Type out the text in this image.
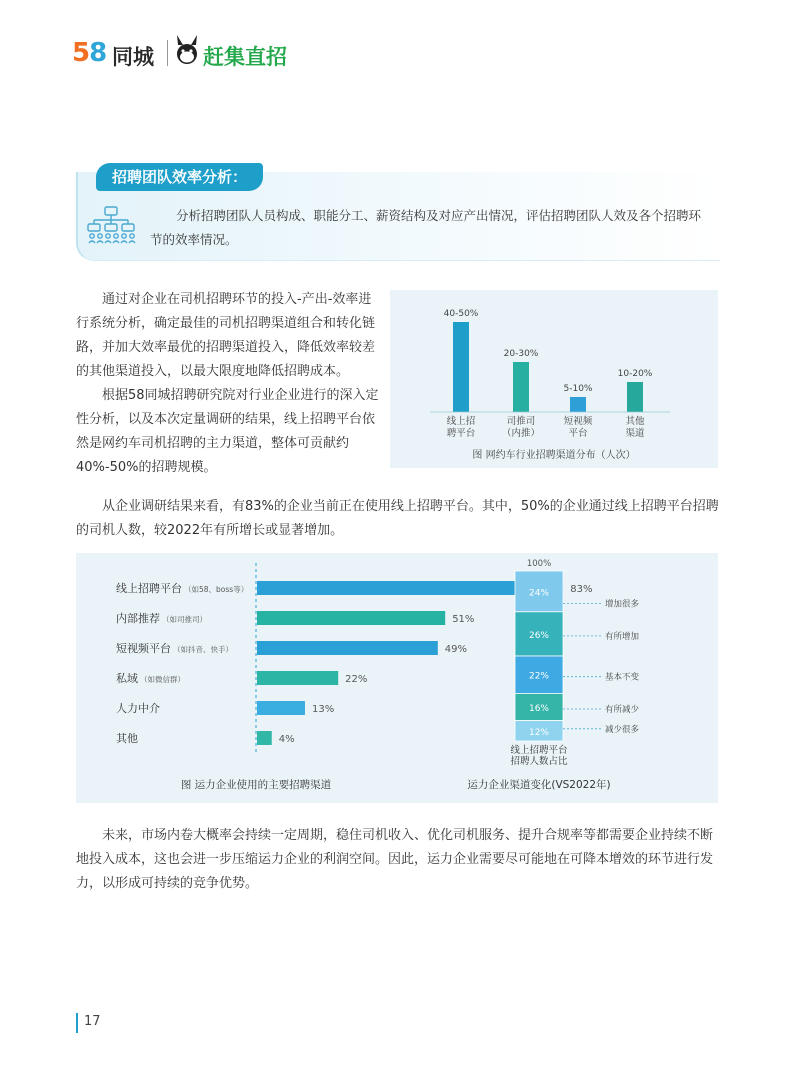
58 同城 赶集直招
招聘团队效率分析：
分析招聘团队人员构成、职能分工、薪资结构及对应产出情况，评估招聘团队人效及各个招聘环节的效率情况。
通过对企业在司机招聘环节的投入-产出-效率进行系统分析，确定最佳的司机招聘渠道组合和转化链路，并加大效率最优的招聘渠道投入，降低效率较差的其他渠道投入，以最大限度地降低招聘成本。
根据58同城招聘研究院对行业企业进行的深入定性分析，以及本次定量调研的结果，线上招聘平台依然是网约车司机招聘的主力渠道，整体可贡献约40%-50%的招聘规模。
40-50%
线上招
聘平台
20-30%
司推司
（内推）
5-10%
短视频
平台
10-20%
其他
渠道
图 网约车行业招聘渠道分布（人次）
从企业调研结果来看，有83%的企业当前正在使用线上招聘平台。其中，50%的企业通过线上招聘平台招聘的司机人数，较2022年有所增长或显著增加。
线上招聘平台 （如58、boss等）	83%
内部推荐 （如司推司）	51%
短视频平台 （如抖音、快手）	49%
私域 （如微信群）	22%
人力中介	13%
其他	4%
图 运力企业使用的主要招聘渠道
100%
24%
增加很多
26%	有所增加
22%	基本不变
16%	有所减少
12%	减少很多
线上招聘平台
招聘人数占比
运力企业渠道变化(VS2022年)
未来，市场内卷大概率会持续一定周期，稳住司机收入、优化司机服务、提升合规率等都需要企业持续不断地投入成本，这也会进一步压缩运力企业的利润空间。因此，运力企业需要尽可能地在可降本增效的环节进行发力，以形成可持续的竞争优势。
17
